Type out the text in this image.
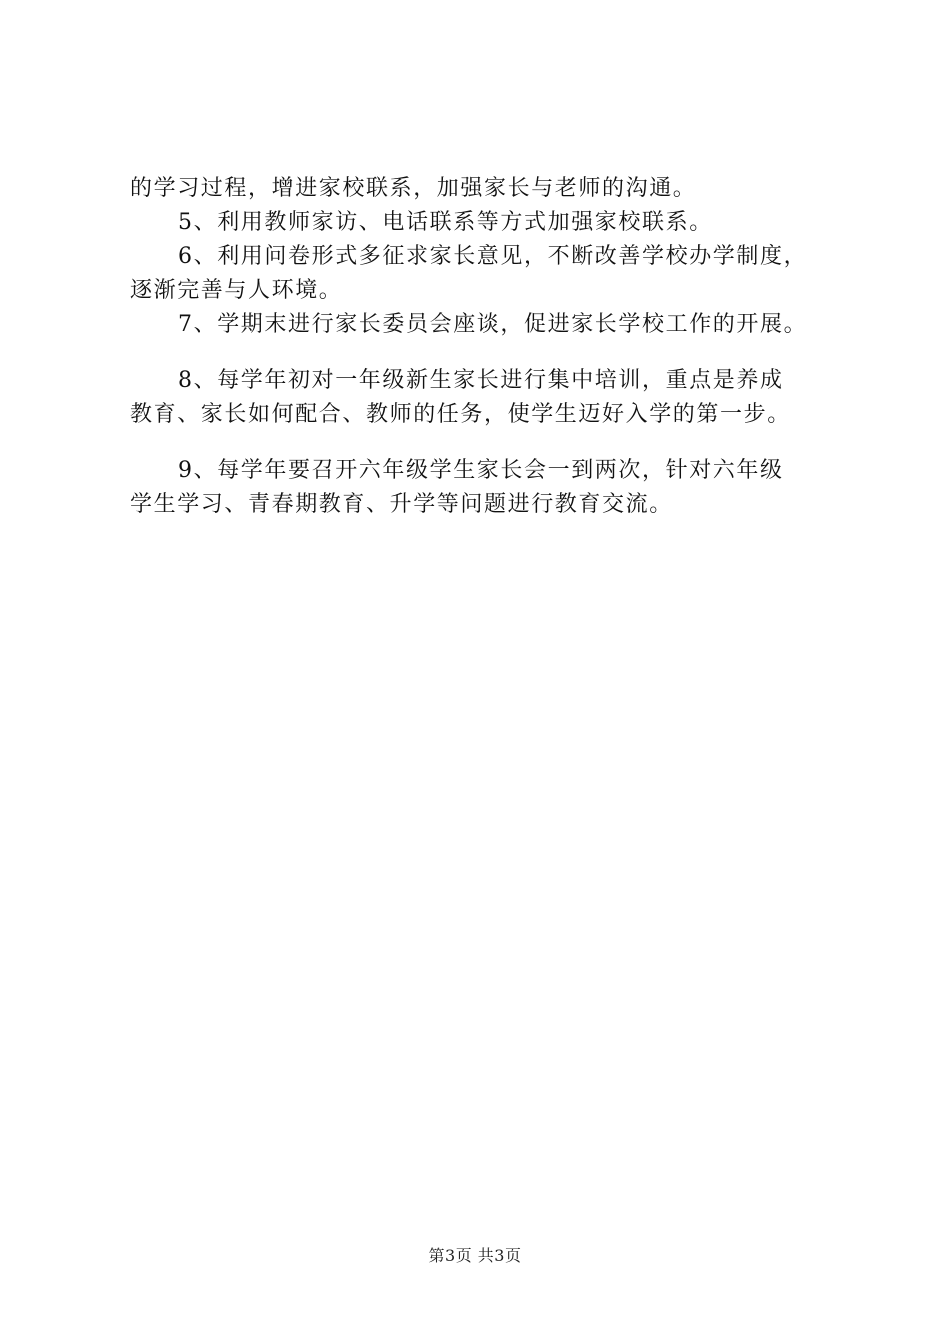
的学习过程，增进家校联系，加强家长与老师的沟通。

5、利用教师家访、电话联系等方式加强家校联系。

6、利用问卷形式多征求家长意见，不断改善学校办学制度，
逐渐完善与人环境。

7、学期末进行家长委员会座谈，促进家长学校工作的开展。

8、每学年初对一年级新生家长进行集中培训，重点是养成
教育、家长如何配合、教师的任务，使学生迈好入学的第一步。

9、每学年要召开六年级学生家长会一到两次，针对六年级
学生学习、青春期教育、升学等问题进行教育交流。

第3页 共3页
